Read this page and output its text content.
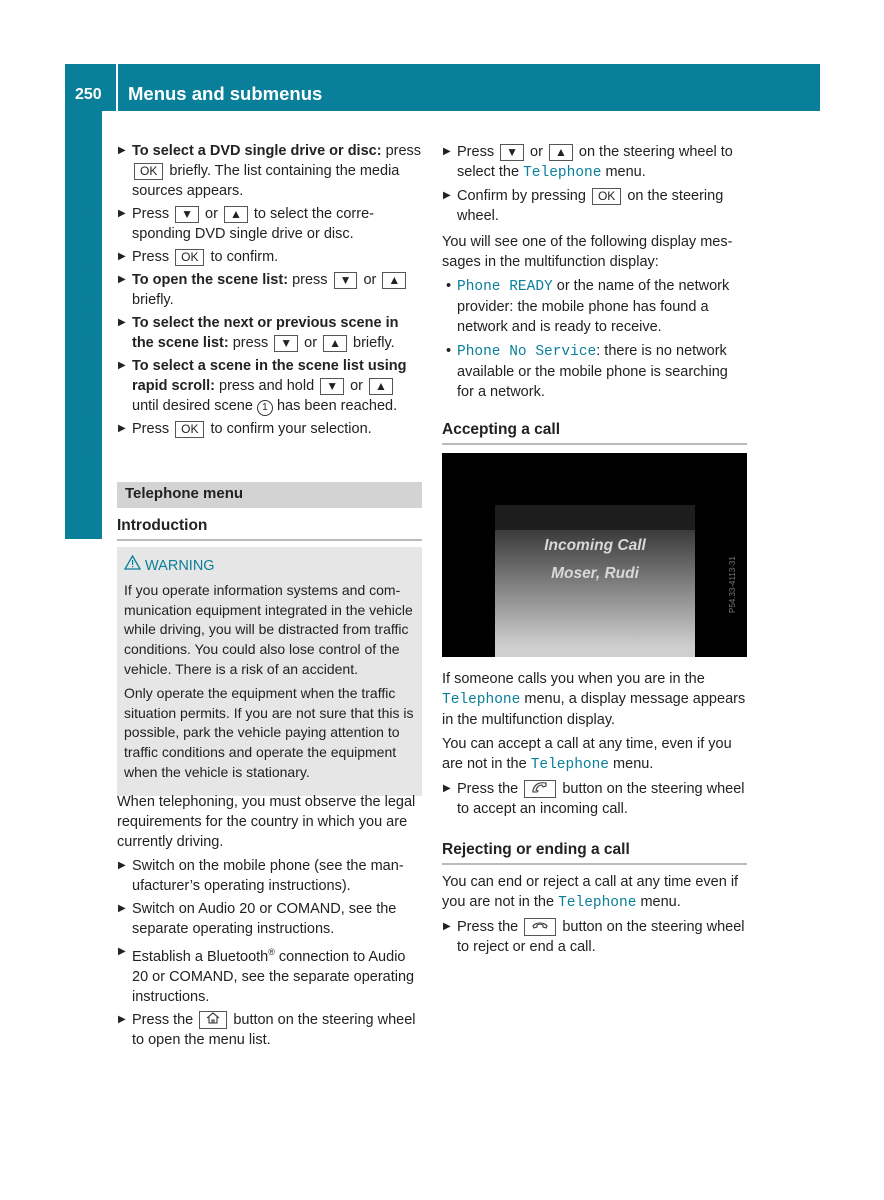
250 Menus and submenus
On-board computer and displays
▶ To select a DVD single drive or disc: press OK briefly. The list containing the media sources appears.
▶ Press ▼ or ▲ to select the corresponding DVD single drive or disc.
▶ Press OK to confirm.
▶ To open the scene list: press ▼ or ▲ briefly.
▶ To select the next or previous scene in the scene list: press ▼ or ▲ briefly.
▶ To select a scene in the scene list using rapid scroll: press and hold ▼ or ▲ until desired scene 1 has been reached.
▶ Press OK to confirm your selection.
Telephone menu
Introduction
WARNING

If you operate information systems and communication equipment integrated in the vehicle while driving, you will be distracted from traffic conditions. You could also lose control of the vehicle. There is a risk of an accident.

Only operate the equipment when the traffic situation permits. If you are not sure that this is possible, park the vehicle paying attention to traffic conditions and operate the equipment when the vehicle is stationary.

When telephoning, you must observe the legal requirements for the country in which you are currently driving.

▶ Switch on the mobile phone (see the manufacturer’s operating instructions).
▶ Switch on Audio 20 or COMAND, see the separate operating instructions.
▶ Establish a Bluetooth® connection to Audio 20 or COMAND, see the separate operating instructions.
▶ Press the	button on the steering wheel to open the menu list.
▶ Press ▼ or ▲ on the steering wheel to select the Telephone menu.
▶ Confirm by pressing OK on the steering wheel.

You will see one of the following display messages in the multifunction display:

• Phone READY or the name of the network provider: the mobile phone has found a network and is ready to receive.
• Phone No Service: there is no network available or the mobile phone is searching for a network.
Accepting a call
Incoming Call
Moser, Rudi	P54.33-4113-31

If someone calls you when you are in the Telephone menu, a display message appears in the multifunction display.

You can accept a call at any time, even if you are not in the Telephone menu.

▶ Press the	button on the steering wheel to accept an incoming call.
Rejecting or ending a call

You can end or reject a call at any time even if you are not in the Telephone menu.

▶ Press the	button on the steering wheel to reject or end a call.
